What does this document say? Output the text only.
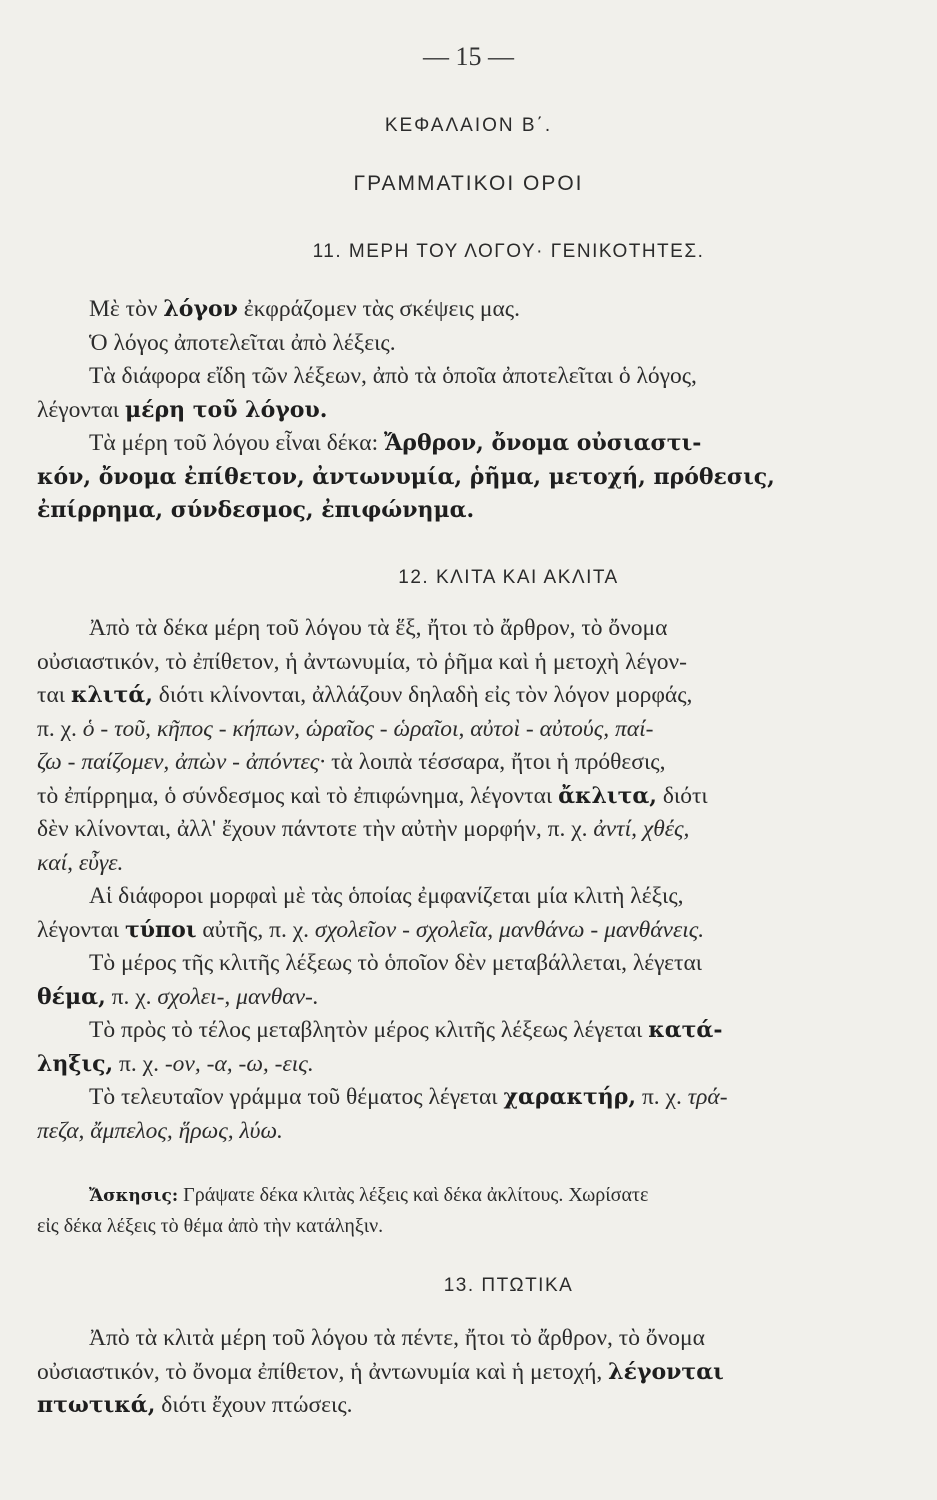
— 15 —
ΚΕΦΑΛΑΙΟΝ Β΄.
ΓΡΑΜΜΑΤΙΚΟΙ ΟΡΟΙ
11. ΜΕΡΗ ΤΟΥ ΛΟΓΟΥ· ΓΕΝΙΚΟΤΗΤΕΣ.
Μὲ τὸν λόγον ἐκφράζομεν τὰς σκέψεις μας.
Ὁ λόγος ἀποτελεῖται ἀπὸ λέξεις.
Τὰ διάφορα εἴδη τῶν λέξεων, ἀπὸ τὰ ὁποῖα ἀποτελεῖται ὁ λόγος,
λέγονται μέρη τοῦ λόγου.
Τὰ μέρη τοῦ λόγου εἶναι δέκα: Ἄρθρον, ὄνομα οὐσιαστι-
κόν, ὄνομα ἐπίθετον, ἀντωνυμία, ῥῆμα, μετοχή, πρόθεσις,
ἐπίρρημα, σύνδεσμος, ἐπιφώνημα.
12. ΚΛΙΤΑ ΚΑΙ ΑΚΛΙΤΑ
Ἀπὸ τὰ δέκα μέρη τοῦ λόγου τὰ ἕξ, ἤτοι τὸ ἄρθρον, τὸ ὄνομα
οὐσιαστικόν, τὸ ἐπίθετον, ἡ ἀντωνυμία, τὸ ῥῆμα καὶ ἡ μετοχὴ λέγον-
ται κλιτά, διότι κλίνονται, ἀλλάζουν δηλαδὴ εἰς τὸν λόγον μορφάς,
π. χ. ὁ - τοῦ, κῆπος - κήπων, ὡραῖος - ὡραῖοι, αὐτοὶ - αὐτούς, παί-
ζω - παίζομεν, ἀπὼν - ἀπόντες· τὰ λοιπὰ τέσσαρα, ἤτοι ἡ πρόθεσις,
τὸ ἐπίρρημα, ὁ σύνδεσμος καὶ τὸ ἐπιφώνημα, λέγονται ἄκλιτα, διότι
δὲν κλίνονται, ἀλλ' ἔχουν πάντοτε τὴν αὐτὴν μορφήν, π. χ. ἀντί, χθές,
καί, εὖγε.
Αἱ διάφοροι μορφαὶ μὲ τὰς ὁποίας ἐμφανίζεται μία κλιτὴ λέξις,
λέγονται τύποι αὐτῆς, π. χ. σχολεῖον - σχολεῖα, μανθάνω - μανθάνεις.
Τὸ μέρος τῆς κλιτῆς λέξεως τὸ ὁποῖον δὲν μεταβάλλεται, λέγεται
θέμα, π. χ. σχολει-, μανθαν-.
Τὸ πρὸς τὸ τέλος μεταβλητὸν μέρος κλιτῆς λέξεως λέγεται κατά-
ληξις, π. χ. -ον, -α, -ω, -εις.
Τὸ τελευταῖον γράμμα τοῦ θέματος λέγεται χαρακτήρ, π. χ. τρά-
πεζα, ἄμπελος, ἥρως, λύω.
Ἄσκησις: Γράψατε δέκα κλιτὰς λέξεις καὶ δέκα ἀκλίτους. Χωρίσατε
εἰς δέκα λέξεις τὸ θέμα ἀπὸ τὴν κατάληξιν.
13. ΠΤΩΤΙΚΑ
Ἀπὸ τὰ κλιτὰ μέρη τοῦ λόγου τὰ πέντε, ἤτοι τὸ ἄρθρον, τὸ ὄνομα
οὐσιαστικόν, τὸ ὄνομα ἐπίθετον, ἡ ἀντωνυμία καὶ ἡ μετοχή, λέγονται
πτωτικά, διότι ἔχουν πτώσεις.
